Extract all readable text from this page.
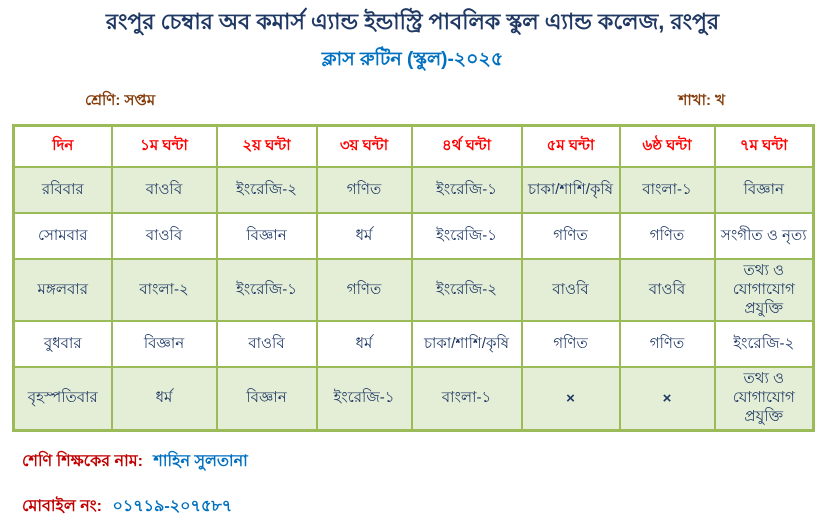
রংপুর চেম্বার অব কমার্স এ্যান্ড ইন্ডাস্ট্রি পাবলিক স্কুল এ্যান্ড কলেজ, রংপুর
ক্লাস রুটিন (স্কুল)-২০২৫
শ্রেণি: সপ্তম	শাখা: খ
দিন	১ম ঘন্টা	২য় ঘন্টা	৩য় ঘন্টা	৪র্থ ঘন্টা	৫ম ঘন্টা	৬ষ্ঠ ঘন্টা	৭ম ঘন্টা
রবিবার	বাওবি	ইংরেজি-২	গণিত	ইংরেজি-১	চাকা/শাশি/কৃষি	বাংলা-১	বিজ্ঞান
সোমবার	বাওবি	বিজ্ঞান	ধর্ম	ইংরেজি-১	গণিত	গণিত	সংগীত ও নৃত্য
মঙ্গলবার	বাংলা-২	ইংরেজি-১	গণিত	ইংরেজি-২	বাওবি	বাওবি	তথ্য ও যোগাযোগ প্রযুক্তি
বুধবার	বিজ্ঞান	বাওবি	ধর্ম	চাকা/শাশি/কৃষি	গণিত	গণিত	ইংরেজি-২
বৃহস্পতিবার	ধর্ম	বিজ্ঞান	ইংরেজি-১	বাংলা-১	×	×	তথ্য ও যোগাযোগ প্রযুক্তি
শেণি শিক্ষকের নাম: শাহিন সুলতানা
মোবাইল নং: ০১৭১৯-২০৭৫৮৭
